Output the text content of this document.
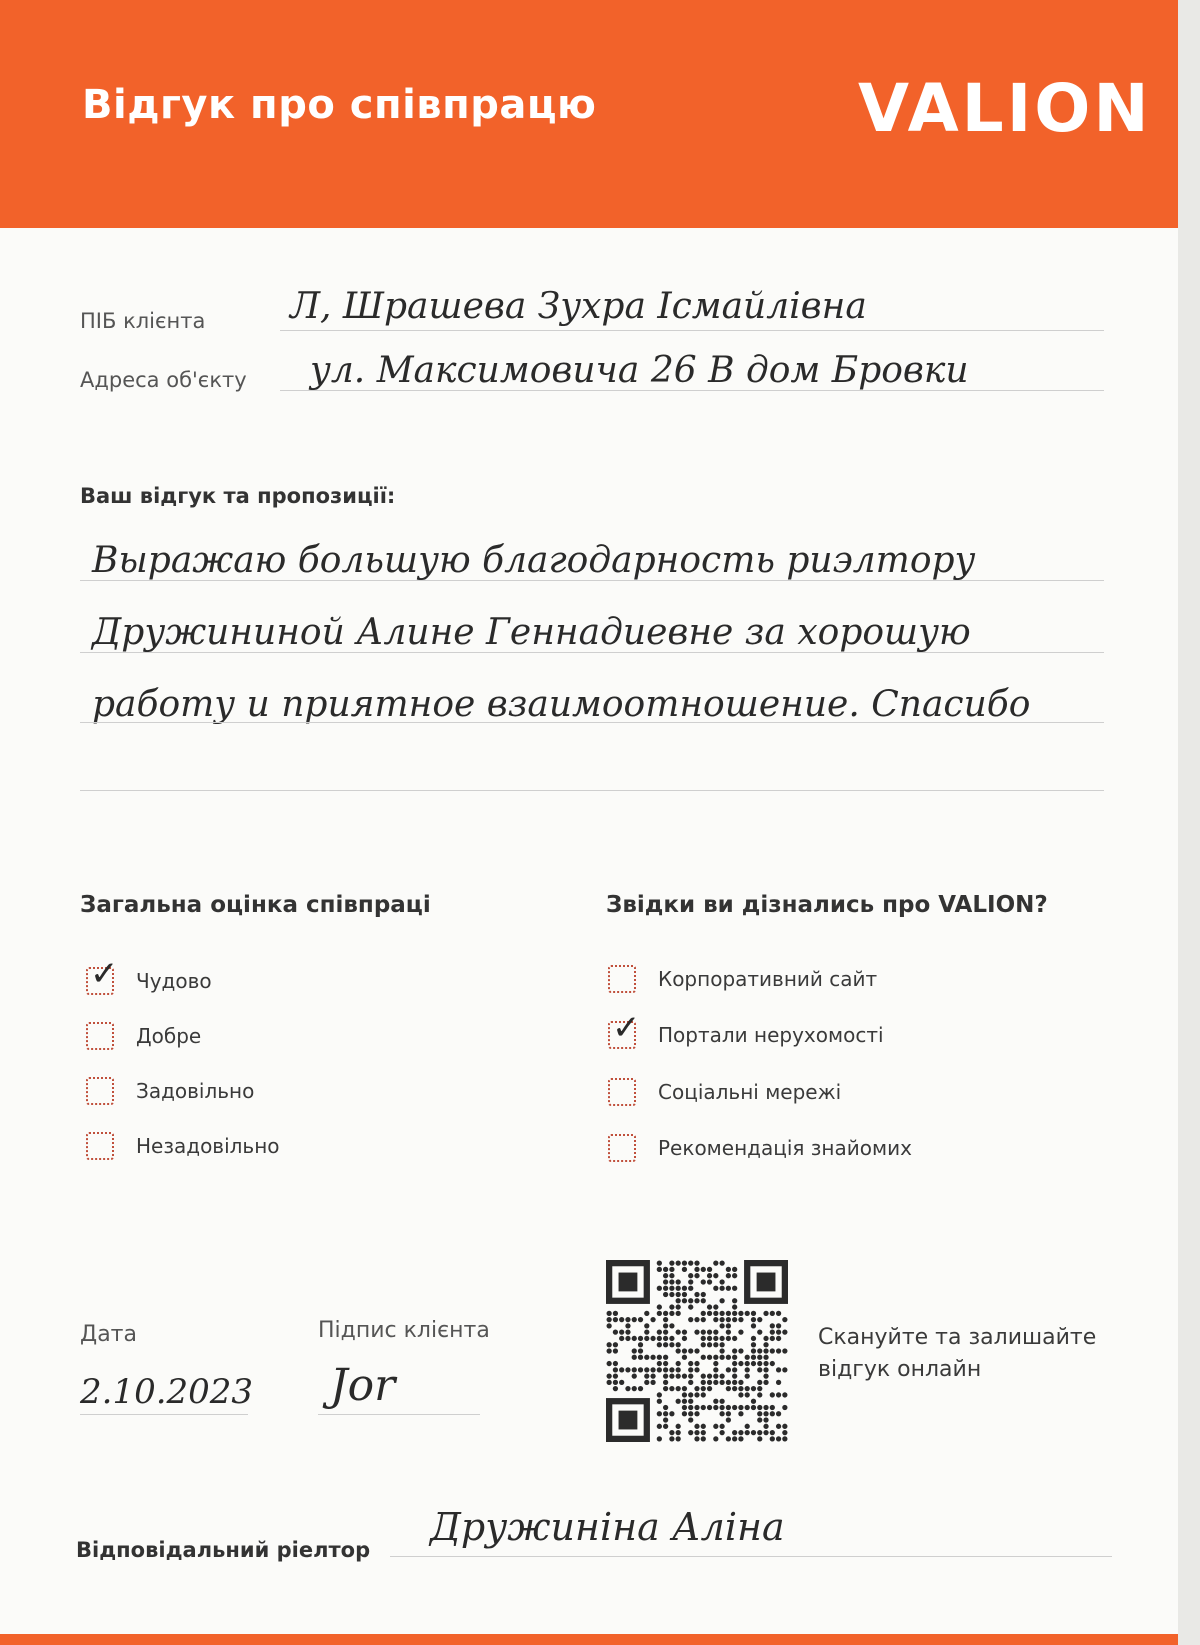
Відгук про співпрацю	VALION
ПІБ клієнта Л, Шрашева Зухра Ісмайлівна
Адреса об'єкту ул. Максимовича 26 В дом Бровки
Ваш відгук та пропозиції:
Выражаю большую благодарность риэлтору
Дружининой Алине Геннадиевне за хорошую
работу и приятное взаимоотношение. Спасибо
Загальна оцінка співпраці
✓ Чудово
Добре
Задовільно
Незадовільно
Звідки ви дізнались про VALION?
Корпоративний сайт
✓ Портали нерухомості
Соціальні мережі
Рекомендація знайомих
Дата
2.10.2023
Підпис клієнта
Jor
Скануйте та залишайте відгук онлайн
Відповідальний ріелтор
Дружиніна Аліна
